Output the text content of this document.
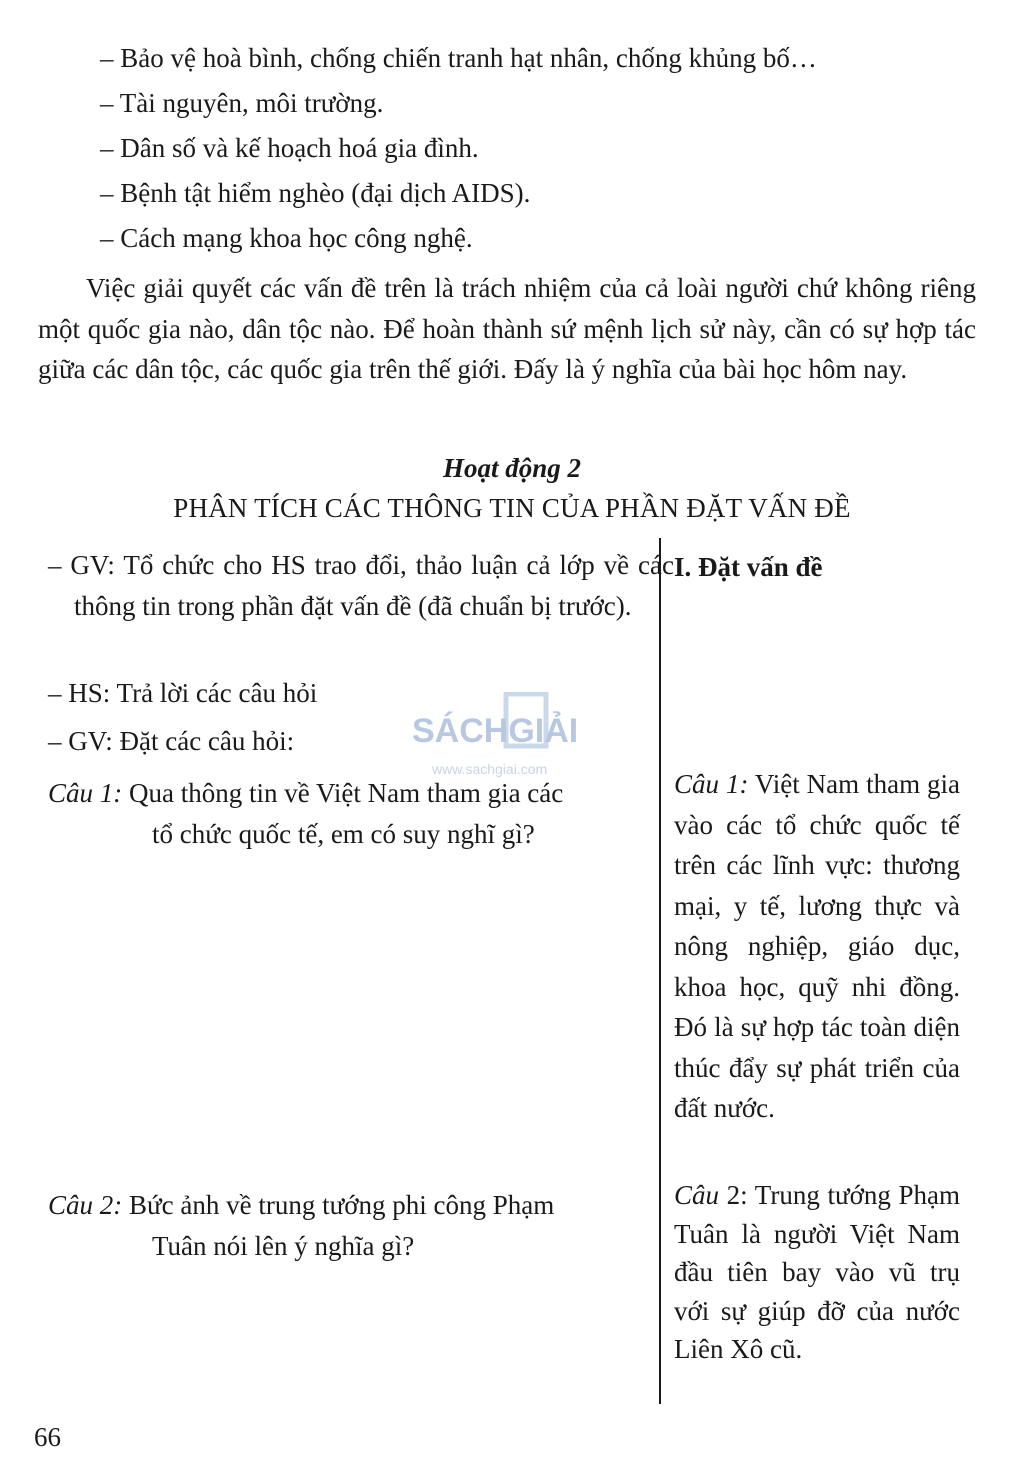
– Bảo vệ hoà bình, chống chiến tranh hạt nhân, chống khủng bố…
– Tài nguyên, môi trường.
– Dân số và kế hoạch hoá gia đình.
– Bệnh tật hiểm nghèo (đại dịch AIDS).
– Cách mạng khoa học công nghệ.
Việc giải quyết các vấn đề trên là trách nhiệm của cả loài người chứ không riêng một quốc gia nào, dân tộc nào. Để hoàn thành sứ mệnh lịch sử này, cần có sự hợp tác giữa các dân tộc, các quốc gia trên thế giới. Đấy là ý nghĩa của bài học hôm nay.
Hoạt động 2
PHÂN TÍCH CÁC THÔNG TIN CỦA PHẦN ĐẶT VẤN ĐỀ
– GV: Tổ chức cho HS trao đổi, thảo luận cả lớp về các thông tin trong phần đặt vấn đề (đã chuẩn bị trước).
– HS: Trả lời các câu hỏi
– GV: Đặt các câu hỏi:
Câu 1: Qua thông tin về Việt Nam tham gia các
tổ chức quốc tế, em có suy nghĩ gì?
Câu 2: Bức ảnh về trung tướng phi công Phạm
Tuân nói lên ý nghĩa gì?
I. Đặt vấn đề
Câu 1: Việt Nam tham gia vào các tổ chức quốc tế trên các lĩnh vực: thương mại, y tế, lương thực và nông nghiệp, giáo dục, khoa học, quỹ nhi đồng. Đó là sự hợp tác toàn diện thúc đẩy sự phát triển của đất nước.
Câu 2: Trung tướng Phạm Tuân là người Việt Nam đầu tiên bay vào vũ trụ với sự giúp đỡ của nước Liên Xô cũ.
SÁCHGIẢI
www.sachgiai.com
66
